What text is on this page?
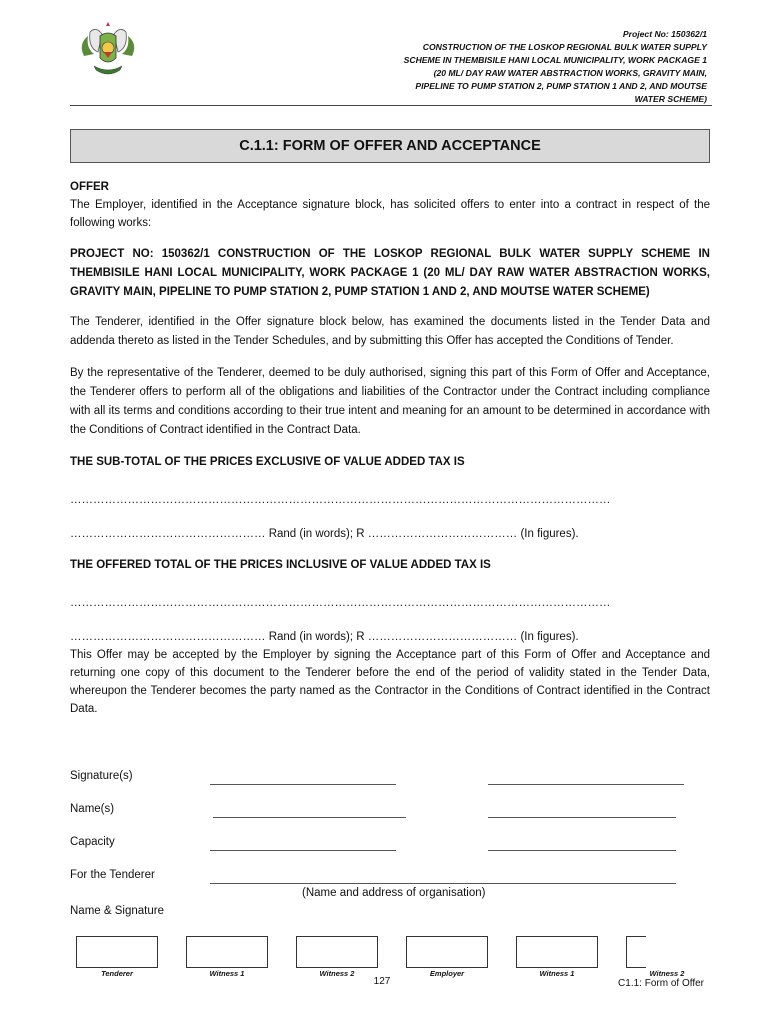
Project No: 150362/1
CONSTRUCTION OF THE LOSKOP REGIONAL BULK WATER SUPPLY
SCHEME IN THEMBISILE HANI LOCAL MUNICIPALITY, WORK PACKAGE 1
(20 ML/ DAY RAW WATER ABSTRACTION WORKS, GRAVITY MAIN,
PIPELINE TO PUMP STATION 2, PUMP STATION 1 AND 2, AND MOUTSE
WATER SCHEME)
C.1.1: FORM OF OFFER AND ACCEPTANCE

OFFER

The Employer, identified in the Acceptance signature block, has solicited offers to enter into a contract in respect of the following works:

PROJECT NO: 150362/1 CONSTRUCTION OF THE LOSKOP REGIONAL BULK WATER SUPPLY SCHEME IN THEMBISILE HANI LOCAL MUNICIPALITY, WORK PACKAGE 1 (20 ML/ DAY RAW WATER ABSTRACTION WORKS, GRAVITY MAIN, PIPELINE TO PUMP STATION 2, PUMP STATION 1 AND 2, AND MOUTSE WATER SCHEME)

The Tenderer, identified in the Offer signature block below, has examined the documents listed in the Tender Data and addenda thereto as listed in the Tender Schedules, and by submitting this Offer has accepted the Conditions of Tender.

By the representative of the Tenderer, deemed to be duly authorised, signing this part of this Form of Offer and Acceptance, the Tenderer offers to perform all of the obligations and liabilities of the Contractor under the Contract including compliance with all its terms and conditions according to their true intent and meaning for an amount to be determined in accordance with the Conditions of Contract identified in the Contract Data.

THE SUB-TOTAL OF THE PRICES EXCLUSIVE OF VALUE ADDED TAX IS

……………………………………………………………………………………………………………………………

…………………………………………… Rand (in words); R ………………………………… (In figures).

THE OFFERED TOTAL OF THE PRICES INCLUSIVE OF VALUE ADDED TAX IS

……………………………………………………………………………………………………………………………

…………………………………………… Rand (in words); R ………………………………… (In figures).

This Offer may be accepted by the Employer by signing the Acceptance part of this Form of Offer and Acceptance and returning one copy of this document to the Tenderer before the end of the period of validity stated in the Tender Data, whereupon the Tenderer becomes the party named as the Contractor in the Conditions of Contract identified in the Contract Data.

Signature(s)
Name(s)
Capacity
For the Tenderer
(Name and address of organisation)
Name & Signature
Tenderer	Witness 1	Witness 2	Employer	Witness 1	Witness 2
127	C1.1: Form of Offer
